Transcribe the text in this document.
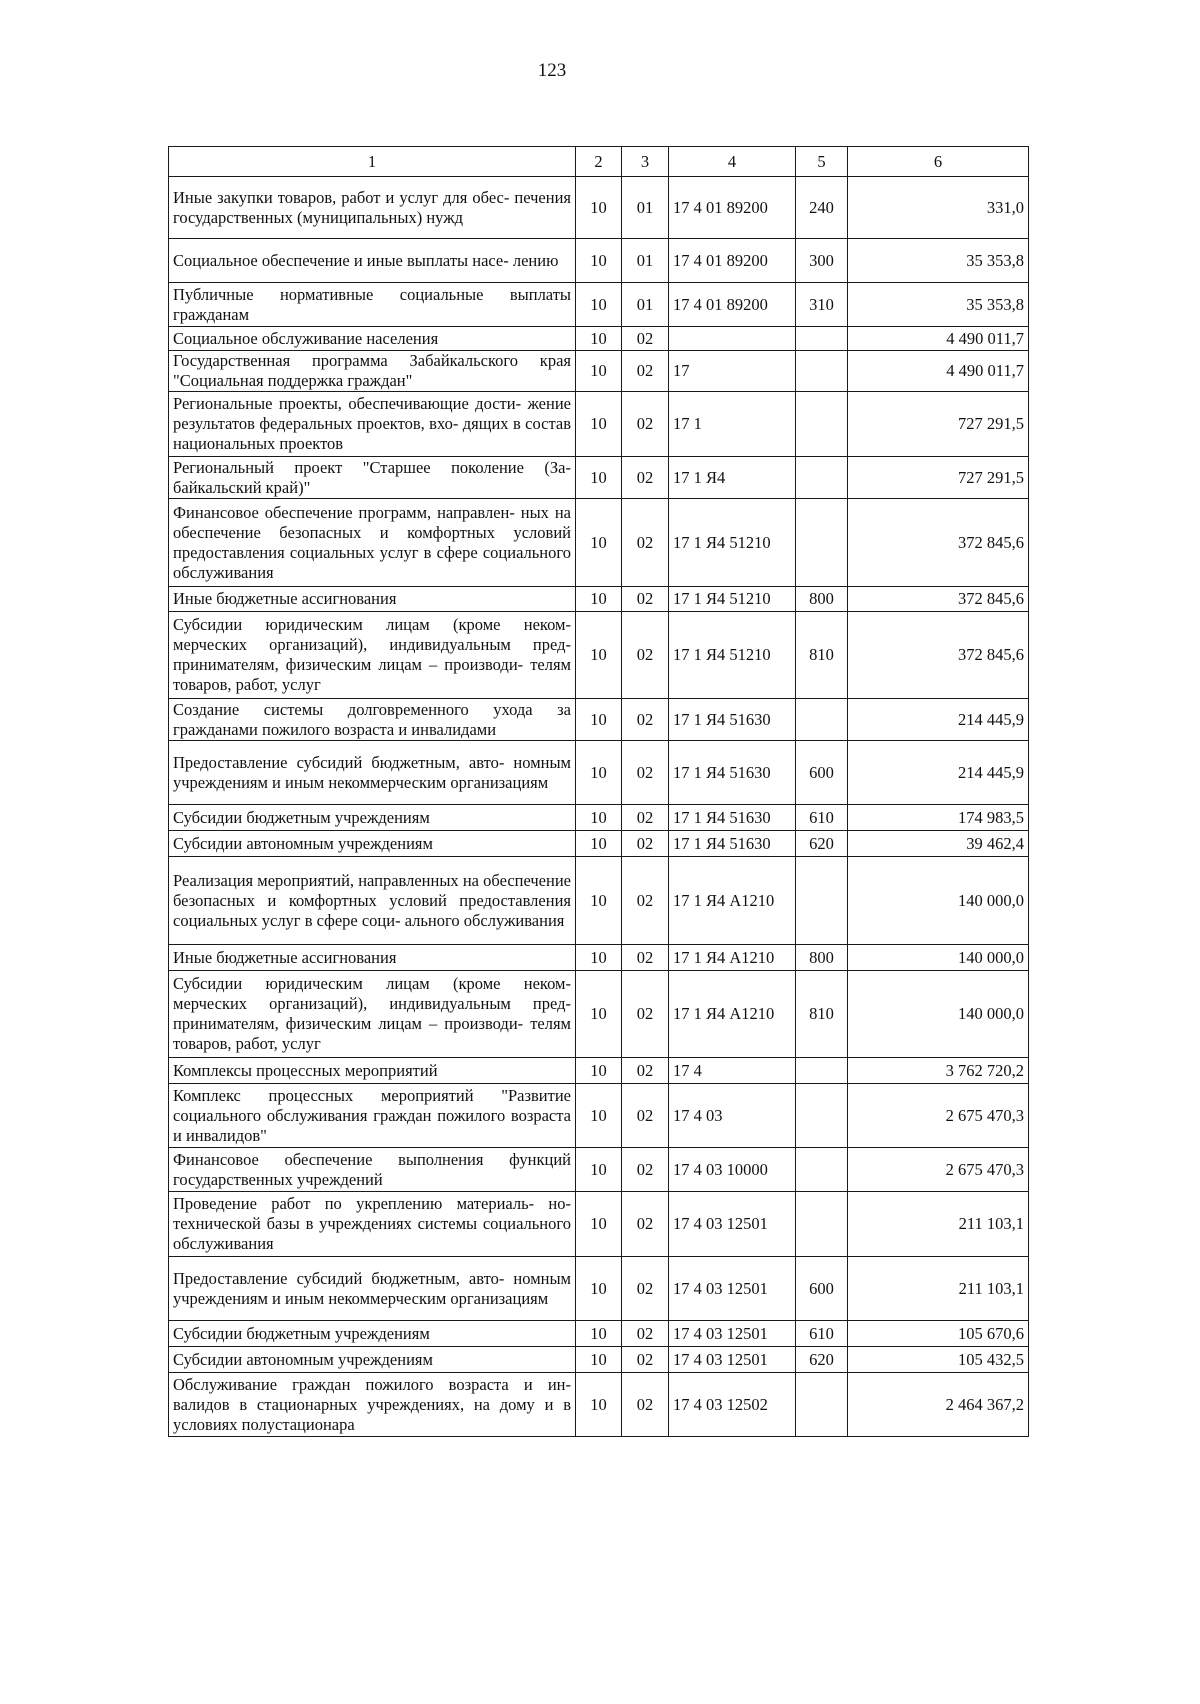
123
1	2	3	4	5	6
Иные закупки товаров, работ и услуг для обес- печения государственных (муниципальных) нужд	10	01	17 4 01 89200	240	331,0
Социальное обеспечение и иные выплаты насе- лению	10	01	17 4 01 89200	300	35 353,8
Публичные нормативные социальные выплаты гражданам	10	01	17 4 01 89200	310	35 353,8
Социальное обслуживание населения	10	02			4 490 011,7
Государственная программа Забайкальского края "Социальная поддержка граждан"	10	02	17		4 490 011,7
Региональные проекты, обеспечивающие дости- жение результатов федеральных проектов, вхо- дящих в состав национальных проектов	10	02	17 1		727 291,5
Региональный проект "Старшее поколение (За- байкальский край)"	10	02	17 1 Я4		727 291,5
Финансовое обеспечение программ, направлен- ных на обеспечение безопасных и комфортных условий предоставления социальных услуг в сфере социального обслуживания	10	02	17 1 Я4 51210		372 845,6
Иные бюджетные ассигнования	10	02	17 1 Я4 51210	800	372 845,6
Субсидии юридическим лицам (кроме неком- мерческих организаций), индивидуальным пред- принимателям, физическим лицам – производи- телям товаров, работ, услуг	10	02	17 1 Я4 51210	810	372 845,6
Создание системы долговременного ухода за гражданами пожилого возраста и инвалидами	10	02	17 1 Я4 51630		214 445,9
Предоставление субсидий бюджетным, авто- номным учреждениям и иным некоммерческим организациям	10	02	17 1 Я4 51630	600	214 445,9
Субсидии бюджетным учреждениям	10	02	17 1 Я4 51630	610	174 983,5
Субсидии автономным учреждениям	10	02	17 1 Я4 51630	620	39 462,4
Реализация мероприятий, направленных на обеспечение безопасных и комфортных условий предоставления социальных услуг в сфере соци- ального обслуживания	10	02	17 1 Я4 А1210		140 000,0
Иные бюджетные ассигнования	10	02	17 1 Я4 А1210	800	140 000,0
Субсидии юридическим лицам (кроме неком- мерческих организаций), индивидуальным пред- принимателям, физическим лицам – производи- телям товаров, работ, услуг	10	02	17 1 Я4 А1210	810	140 000,0
Комплексы процессных мероприятий	10	02	17 4		3 762 720,2
Комплекс процессных мероприятий "Развитие социального обслуживания граждан пожилого возраста и инвалидов"	10	02	17 4 03		2 675 470,3
Финансовое обеспечение выполнения функций государственных учреждений	10	02	17 4 03 10000		2 675 470,3
Проведение работ по укреплению материаль- но-технической базы в учреждениях системы социального обслуживания	10	02	17 4 03 12501		211 103,1
Предоставление субсидий бюджетным, авто- номным учреждениям и иным некоммерческим организациям	10	02	17 4 03 12501	600	211 103,1
Субсидии бюджетным учреждениям	10	02	17 4 03 12501	610	105 670,6
Субсидии автономным учреждениям	10	02	17 4 03 12501	620	105 432,5
Обслуживание граждан пожилого возраста и ин- валидов в стационарных учреждениях, на дому и в условиях полустационара	10	02	17 4 03 12502		2 464 367,2
